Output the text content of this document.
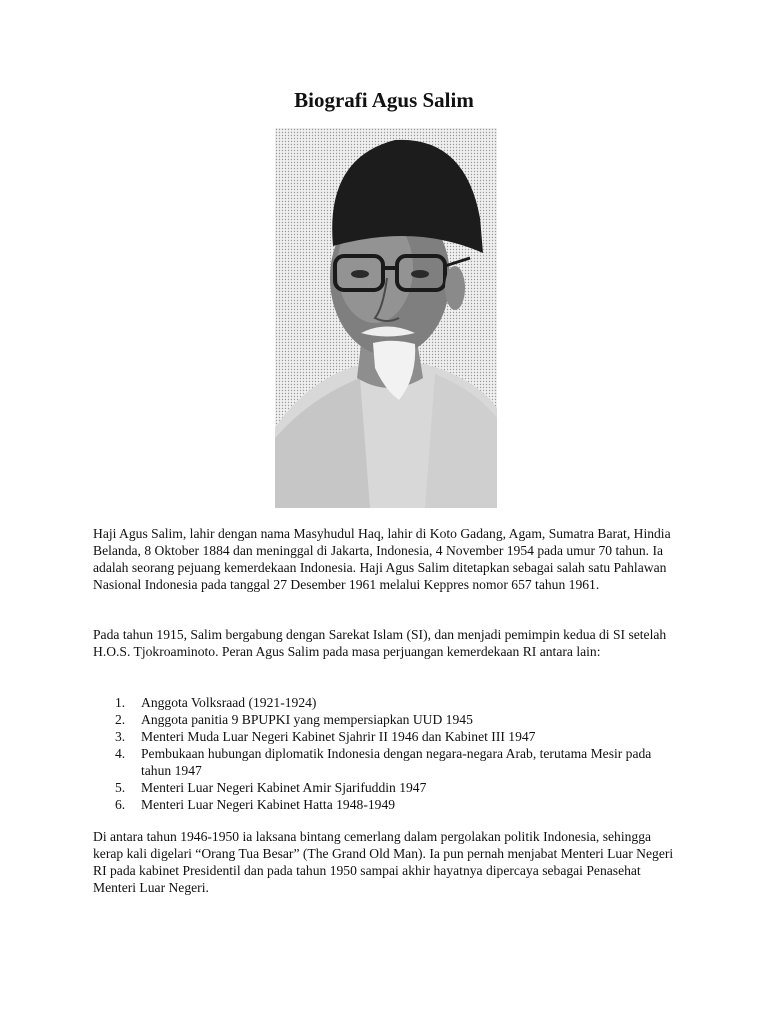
Biografi Agus Salim

Haji Agus Salim, lahir dengan nama Masyhudul Haq, lahir di Koto Gadang, Agam, Sumatra Barat, Hindia Belanda, 8 Oktober 1884 dan meninggal di Jakarta, Indonesia, 4 November 1954 pada umur 70 tahun. Ia adalah seorang pejuang kemerdekaan Indonesia. Haji Agus Salim ditetapkan sebagai salah satu Pahlawan Nasional Indonesia pada tanggal 27 Desember 1961 melalui Keppres nomor 657 tahun 1961.

Pada tahun 1915, Salim bergabung dengan Sarekat Islam (SI), dan menjadi pemimpin kedua di SI setelah H.O.S. Tjokroaminoto. Peran Agus Salim pada masa perjuangan kemerdekaan RI antara lain:

1. Anggota Volksraad (1921-1924)
2. Anggota panitia 9 BPUPKI yang mempersiapkan UUD 1945
3. Menteri Muda Luar Negeri Kabinet Sjahrir II 1946 dan Kabinet III 1947
4. Pembukaan hubungan diplomatik Indonesia dengan negara-negara Arab, terutama Mesir pada tahun 1947
5. Menteri Luar Negeri Kabinet Amir Sjarifuddin 1947
6. Menteri Luar Negeri Kabinet Hatta 1948-1949

Di antara tahun 1946-1950 ia laksana bintang cemerlang dalam pergolakan politik Indonesia, sehingga kerap kali digelari “Orang Tua Besar” (The Grand Old Man). Ia pun pernah menjabat Menteri Luar Negeri RI pada kabinet Presidentil dan pada tahun 1950 sampai akhir hayatnya dipercaya sebagai Penasehat Menteri Luar Negeri.
